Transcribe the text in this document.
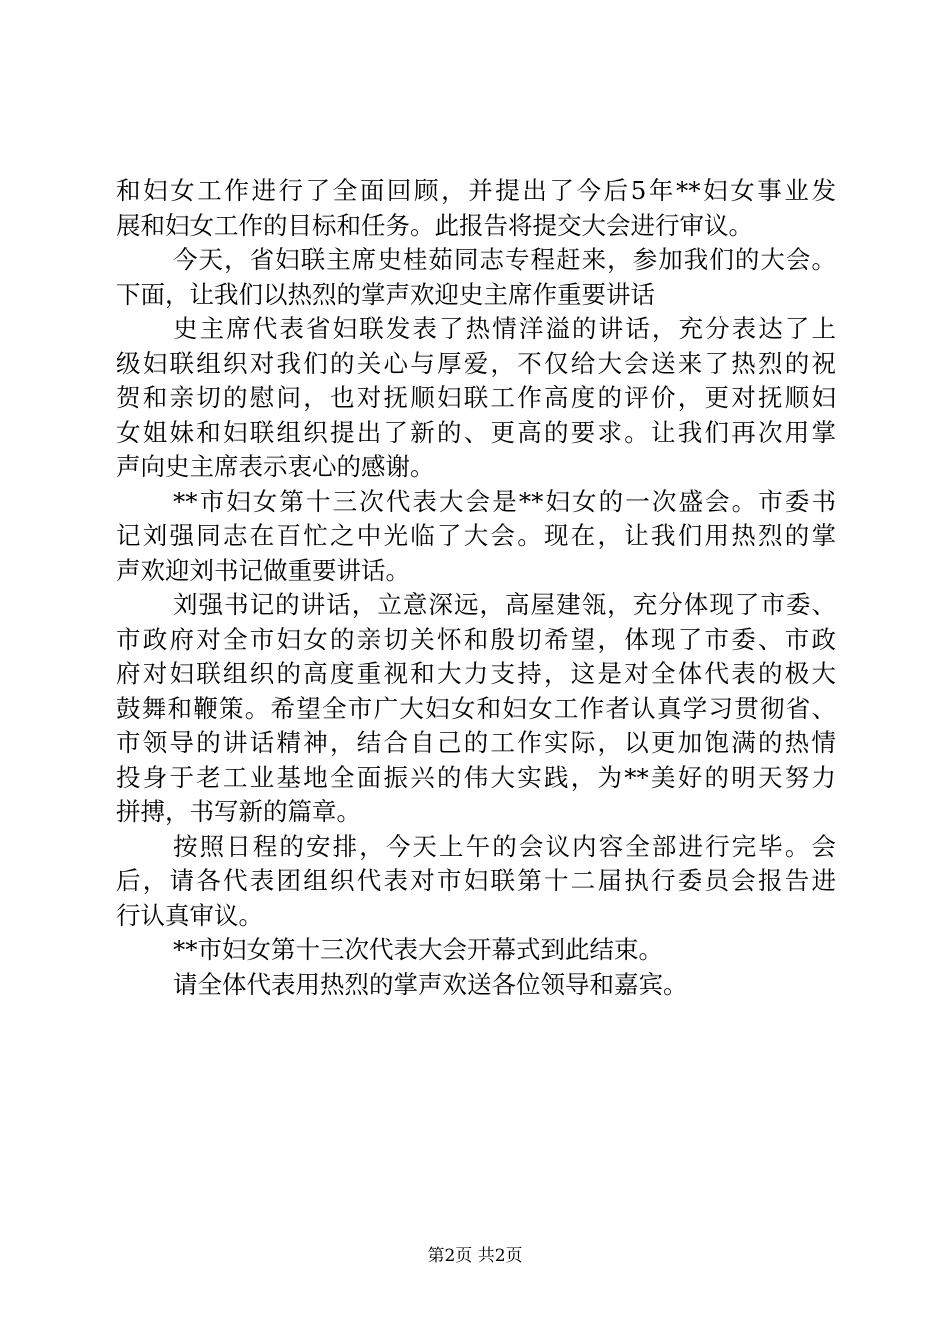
和妇女工作进行了全面回顾，并提出了今后5年**妇女事业发
展和妇女工作的目标和任务。此报告将提交大会进行审议。
今天，省妇联主席史桂茹同志专程赶来，参加我们的大会。
下面，让我们以热烈的掌声欢迎史主席作重要讲话
史主席代表省妇联发表了热情洋溢的讲话，充分表达了上
级妇联组织对我们的关心与厚爱，不仅给大会送来了热烈的祝
贺和亲切的慰问，也对抚顺妇联工作高度的评价，更对抚顺妇
女姐妹和妇联组织提出了新的、更高的要求。让我们再次用掌
声向史主席表示衷心的感谢。
**市妇女第十三次代表大会是**妇女的一次盛会。市委书
记刘强同志在百忙之中光临了大会。现在，让我们用热烈的掌
声欢迎刘书记做重要讲话。
刘强书记的讲话，立意深远，高屋建瓴，充分体现了市委、
市政府对全市妇女的亲切关怀和殷切希望，体现了市委、市政
府对妇联组织的高度重视和大力支持，这是对全体代表的极大
鼓舞和鞭策。希望全市广大妇女和妇女工作者认真学习贯彻省、
市领导的讲话精神，结合自己的工作实际，以更加饱满的热情
投身于老工业基地全面振兴的伟大实践，为**美好的明天努力
拼搏，书写新的篇章。
按照日程的安排，今天上午的会议内容全部进行完毕。会
后，请各代表团组织代表对市妇联第十二届执行委员会报告进
行认真审议。
**市妇女第十三次代表大会开幕式到此结束。
请全体代表用热烈的掌声欢送各位领导和嘉宾。
第2页 共2页
